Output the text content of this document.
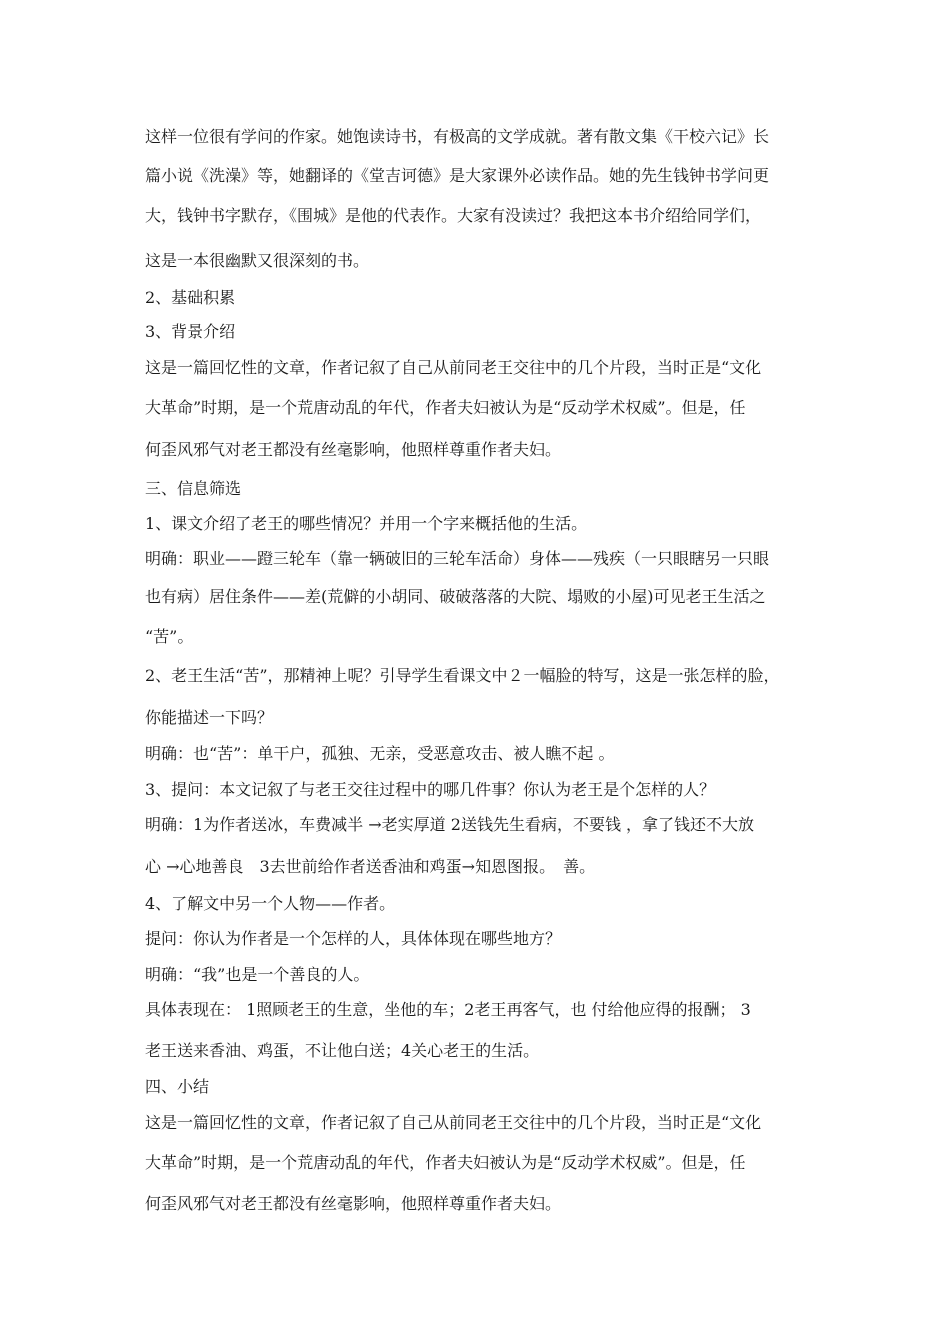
这样一位很有学问的作家。她饱读诗书，有极高的文学成就。著有散文集《干校六记》长
篇小说《洗澡》等，她翻译的《堂吉诃德》是大家课外必读作品。她的先生钱钟书学问更
大，钱钟书字默存，《围城》是他的代表作。大家有没读过？我把这本书介绍给同学们，
这是一本很幽默又很深刻的书。
2、基础积累
3、背景介绍
这是一篇回忆性的文章，作者记叙了自己从前同老王交往中的几个片段，当时正是“文化
大革命”时期，是一个荒唐动乱的年代，作者夫妇被认为是“反动学术权威”。但是，任
何歪风邪气对老王都没有丝毫影响，他照样尊重作者夫妇。
三、信息筛选
1、课文介绍了老王的哪些情况？并用一个字来概括他的生活。
明确：职业——蹬三轮车（靠一辆破旧的三轮车活命）身体——残疾（一只眼瞎另一只眼
也有病）居住条件——差(荒僻的小胡同、破破落落的大院、塌败的小屋)可见老王生活之
“苦”。
2、老王生活“苦”，那精神上呢？引导学生看课文中２一幅脸的特写，这是一张怎样的脸，
你能描述一下吗？
明确：也“苦”：单干户，孤独、无亲，受恶意攻击、被人瞧不起 。
3、提问：本文记叙了与老王交往过程中的哪几件事？你认为老王是个怎样的人？
明确：1为作者送冰，车费减半 →老实厚道 2送钱先生看病，不要钱 ，拿了钱还不大放
心 →心地善良　3去世前给作者送香油和鸡蛋→知恩图报。　善。
4、了解文中另一个人物——作者。
提问：你认为作者是一个怎样的人，具体体现在哪些地方？
明确：“我”也是一个善良的人。
具体表现在： 1照顾老王的生意，坐他的车；2老王再客气，也 付给他应得的报酬； 3
老王送来香油、鸡蛋，不让他白送；4关心老王的生活。
四、小结
这是一篇回忆性的文章，作者记叙了自己从前同老王交往中的几个片段，当时正是“文化
大革命”时期，是一个荒唐动乱的年代，作者夫妇被认为是“反动学术权威”。但是，任
何歪风邪气对老王都没有丝毫影响，他照样尊重作者夫妇。
